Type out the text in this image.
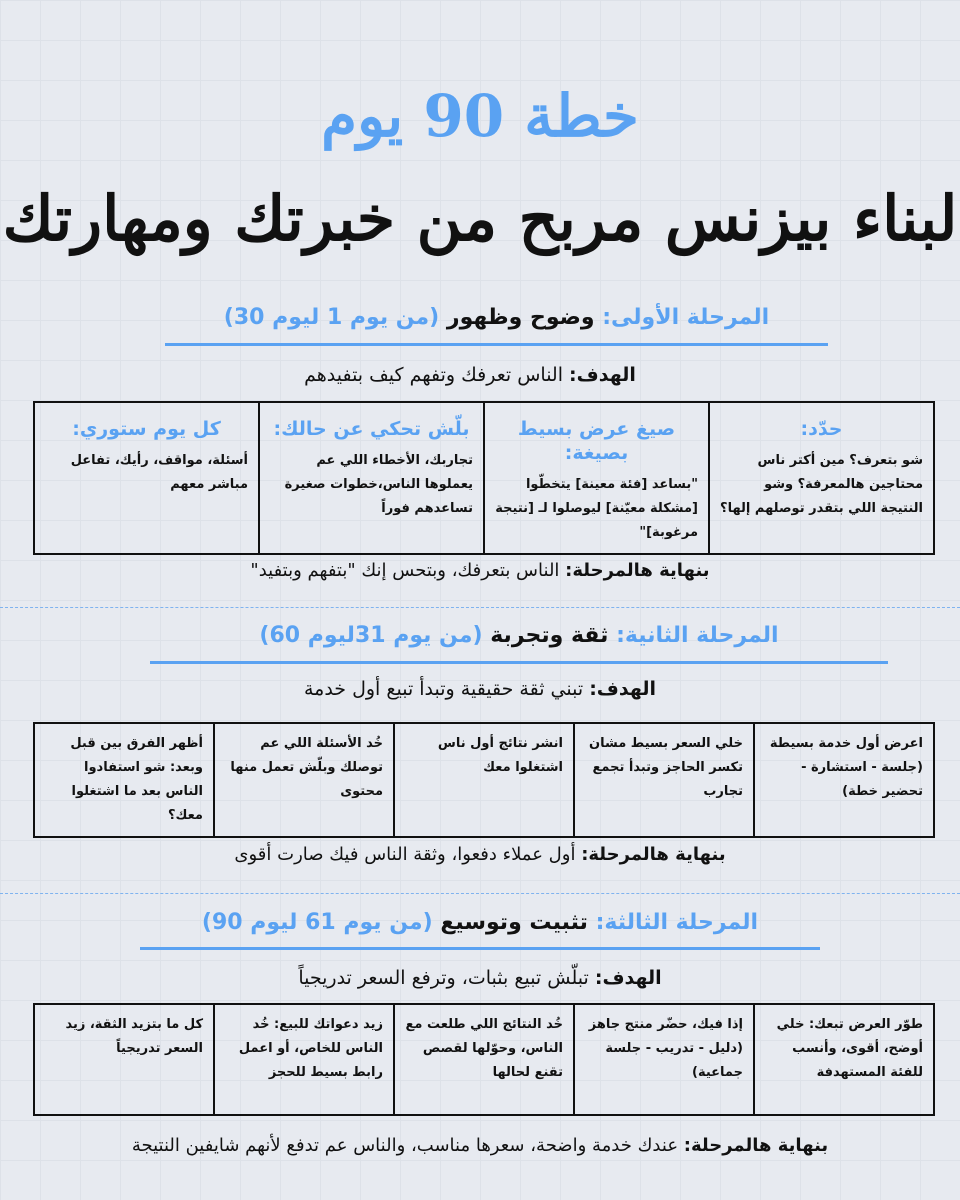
خطة 90 يوم
لبناء بيزنس مربح من خبرتك ومهارتك
المرحلة الأولى: وضوح وظهور (من يوم 1 ليوم 30)
الهدف: الناس تعرفك وتفهم كيف بتفيدهم
حدّد:
شو بتعرف؟ مين أكتر ناس محتاجين هالمعرفة؟ وشو النتيجة اللي بتقدر توصلهم إلها؟

صيغ عرض بسيط بصيغة:
"بساعد [فئة معينة] يتخطّوا [مشكلة معيّنة] ليوصلوا لـ [نتيجة مرغوبة]"

بلّش تحكي عن حالك:
تجاربك، الأخطاء اللي عم يعملوها الناس،خطوات صغيرة تساعدهم فوراً

كل يوم ستوري:
أسئلة، مواقف، رأيك، تفاعل مباشر معهم
بنهاية هالمرحلة: الناس بتعرفك، وبتحس إنك "بتفهم وبتفيد"
المرحلة الثانية: ثقة وتجربة (من يوم 31ليوم 60)
الهدف: تبني ثقة حقيقية وتبدأ تبيع أول خدمة
اعرض أول خدمة بسيطة (جلسة - استشارة - تحضير خطة)	خلي السعر بسيط مشان تكسر الحاجز وتبدأ تجمع تجارب	انشر نتائج أول ناس اشتغلوا معك	خُد الأسئلة اللي عم توصلك وبلّش تعمل منها محتوى	أظهر الفرق بين قبل وبعد: شو استفادوا الناس بعد ما اشتغلوا معك؟
بنهاية هالمرحلة: أول عملاء دفعوا، وثقة الناس فيك صارت أقوى
المرحلة الثالثة: تثبيت وتوسيع (من يوم 61 ليوم 90)
الهدف: تبلّش تبيع بثبات، وترفع السعر تدريجياً
طوّر العرض تبعك: خلي أوضح، أقوى، وأنسب للفئة المستهدفة	إذا فيك، حضّر منتج جاهز (دليل - تدريب - جلسة جماعية)	خُد النتائج اللي طلعت مع الناس، وحوّلها لقصص تقنع لحالها	زيد دعواتك للبيع: خُد الناس للخاص، أو اعمل رابط بسيط للحجز	كل ما بتزيد الثقة، زيد السعر تدريجياً
بنهاية هالمرحلة: عندك خدمة واضحة، سعرها مناسب، والناس عم تدفع لأنهم شايفين النتيجة
